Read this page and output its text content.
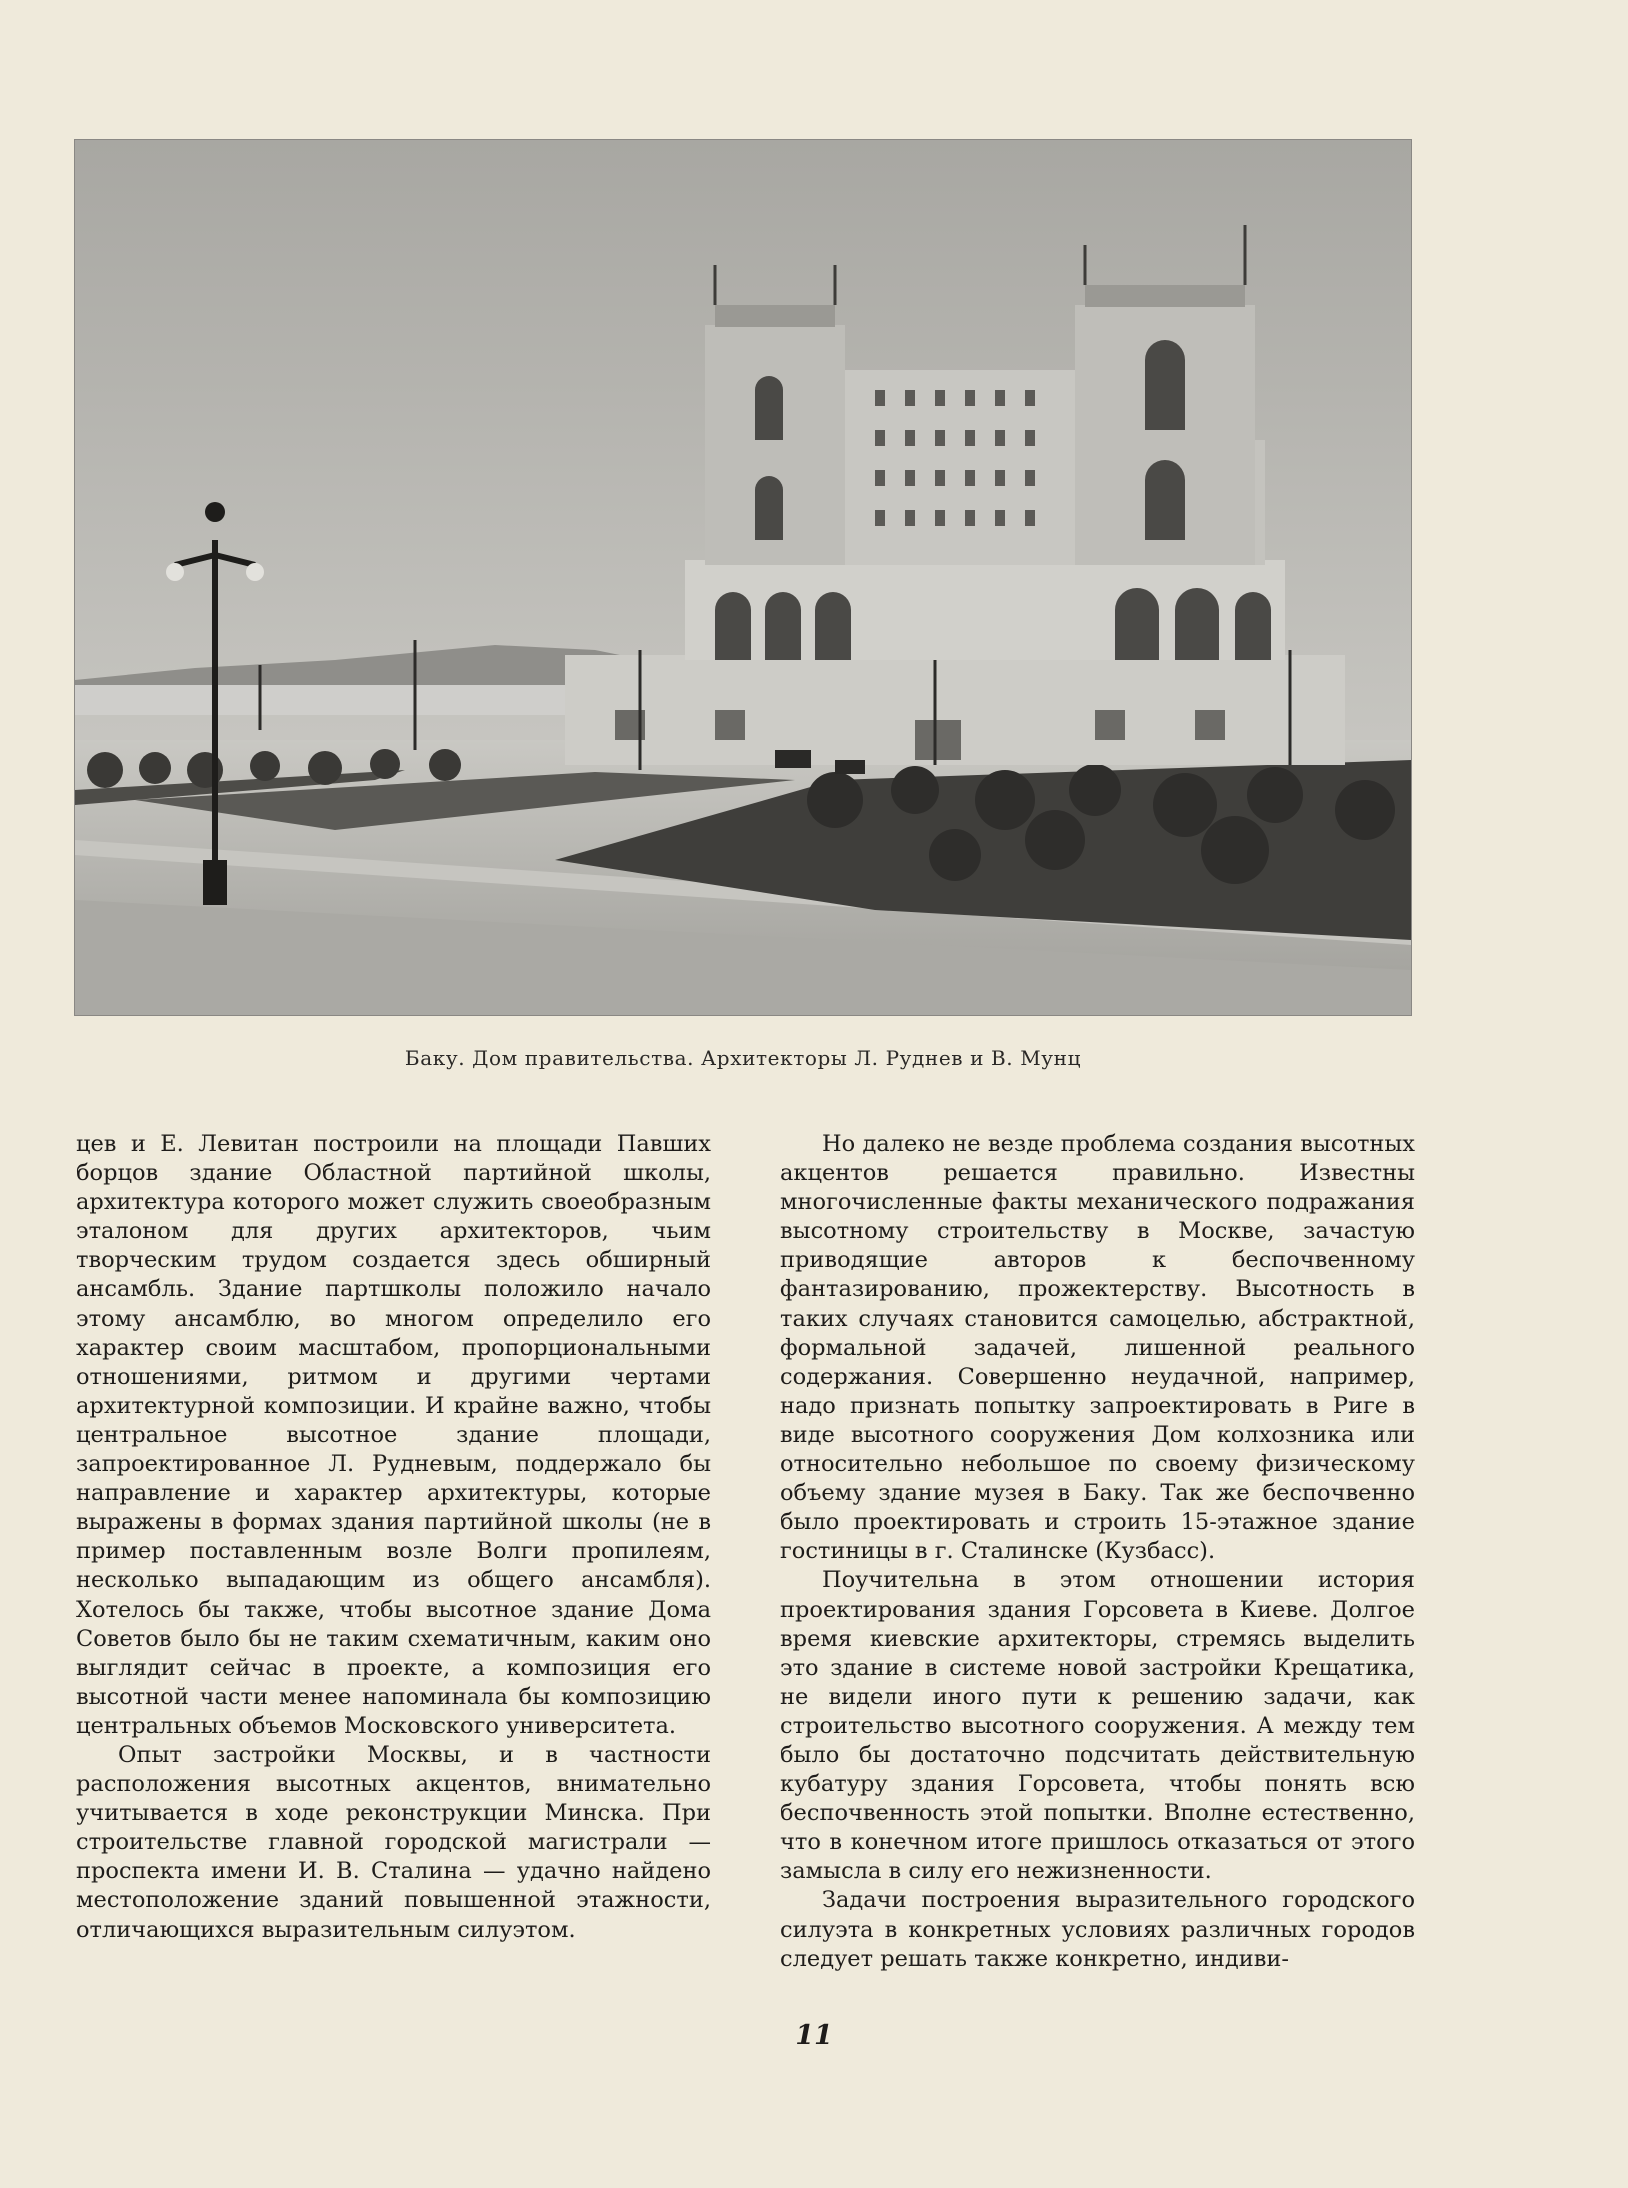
Баку. Дом правительства. Архитекторы Л. Руднев и В. Мунц

цев и Е. Левитан построили на площади Павших борцов здание Областной партийной школы, архитектура которого может служить своеобразным эталоном для других архитекторов, чьим творческим трудом создается здесь обширный ансамбль. Здание партшколы положило начало этому ансамблю, во многом определило его характер своим масштабом, пропорциональными отношениями, ритмом и другими чертами архитектурной композиции. И крайне важно, чтобы центральное высотное здание площади, запроектированное Л. Рудневым, поддержало бы направление и характер архитектуры, которые выражены в формах здания партийной школы (не в пример поставленным возле Волги пропилеям, несколько выпадающим из общего ансамбля). Хотелось бы также, чтобы высотное здание Дома Советов было бы не таким схематичным, каким оно выглядит сейчас в проекте, а композиция его высотной части менее напоминала бы композицию центральных объемов Московского университета.

Опыт застройки Москвы, и в частности расположения высотных акцентов, внимательно учитывается в ходе реконструкции Минска. При строительстве главной городской магистрали — проспекта имени И. В. Сталина — удачно найдено местоположение зданий повышенной этажности, отличающихся выразительным силуэтом.

Но далеко не везде проблема создания высотных акцентов решается правильно. Известны многочисленные факты механического подражания высотному строительству в Москве, зачастую приводящие авторов к беспочвенному фантазированию, прожектерству. Высотность в таких случаях становится самоцелью, абстрактной, формальной задачей, лишенной реального содержания. Совершенно неудачной, например, надо признать попытку запроектировать в Риге в виде высотного сооружения Дом колхозника или относительно небольшое по своему физическому объему здание музея в Баку. Так же беспочвенно было проектировать и строить 15-этажное здание гостиницы в г. Сталинске (Кузбасс).

Поучительна в этом отношении история проектирования здания Горсовета в Киеве. Долгое время киевские архитекторы, стремясь выделить это здание в системе новой застройки Крещатика, не видели иного пути к решению задачи, как строительство высотного сооружения. А между тем было бы достаточно подсчитать действительную кубатуру здания Горсовета, чтобы понять всю беспочвенность этой попытки. Вполне естественно, что в конечном итоге пришлось отказаться от этого замысла в силу его нежизненности.

Задачи построения выразительного городского силуэта в конкретных условиях различных городов следует решать также конкретно, индиви-

11
